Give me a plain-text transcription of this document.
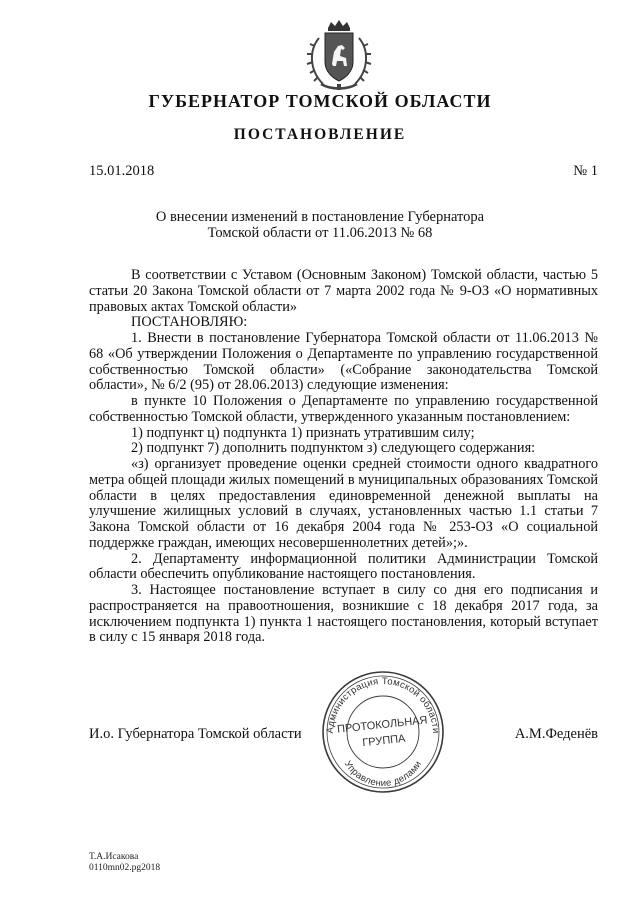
ГУБЕРНАТОР ТОМСКОЙ ОБЛАСТИ
ПОСТАНОВЛЕНИЕ
15.01.2018	№ 1
О внесении изменений в постановление Губернатора
Томской области от 11.06.2013 № 68

В соответствии с Уставом (Основным Законом) Томской области, частью 5 статьи 20 Закона Томской области от 7 марта 2002 года № 9-ОЗ «О нормативных правовых актах Томской области»

ПОСТАНОВЛЯЮ:

1. Внести в постановление Губернатора Томской области от 11.06.2013 № 68 «Об утверждении Положения о Департаменте по управлению государственной собственностью Томской области» («Собрание законодательства Томской области», № 6/2 (95) от 28.06.2013) следующие изменения:

в пункте 10 Положения о Департаменте по управлению государственной собственностью Томской области, утвержденного указанным постановлением:

1) подпункт ц) подпункта 1) признать утратившим силу;

2) подпункт 7) дополнить подпунктом з) следующего содержания:

«з) организует проведение оценки средней стоимости одного квадратного метра общей площади жилых помещений в муниципальных образованиях Томской области в целях предоставления единовременной денежной выплаты на улучшение жилищных условий в случаях, установленных частью 1.1 статьи 7 Закона Томской области от 16 декабря 2004 года № 253-ОЗ «О социальной поддержке граждан, имеющих несовершеннолетних детей»;».

2. Департаменту информационной политики Администрации Томской области обеспечить опубликование настоящего постановления.

3. Настоящее постановление вступает в силу со дня его подписания и распространяется на правоотношения, возникшие с 18 декабря 2017 года, за исключением подпункта 1) пункта 1 настоящего постановления, который вступает в силу с 15 января 2018 года.

И.о. Губернатора Томской области	А.М.Феденёв
Администрация Томской области
Управление делами
ПРОТОКОЛЬНАЯ
ГРУППА
Т.А.Исакова
0110mn02.pg2018
